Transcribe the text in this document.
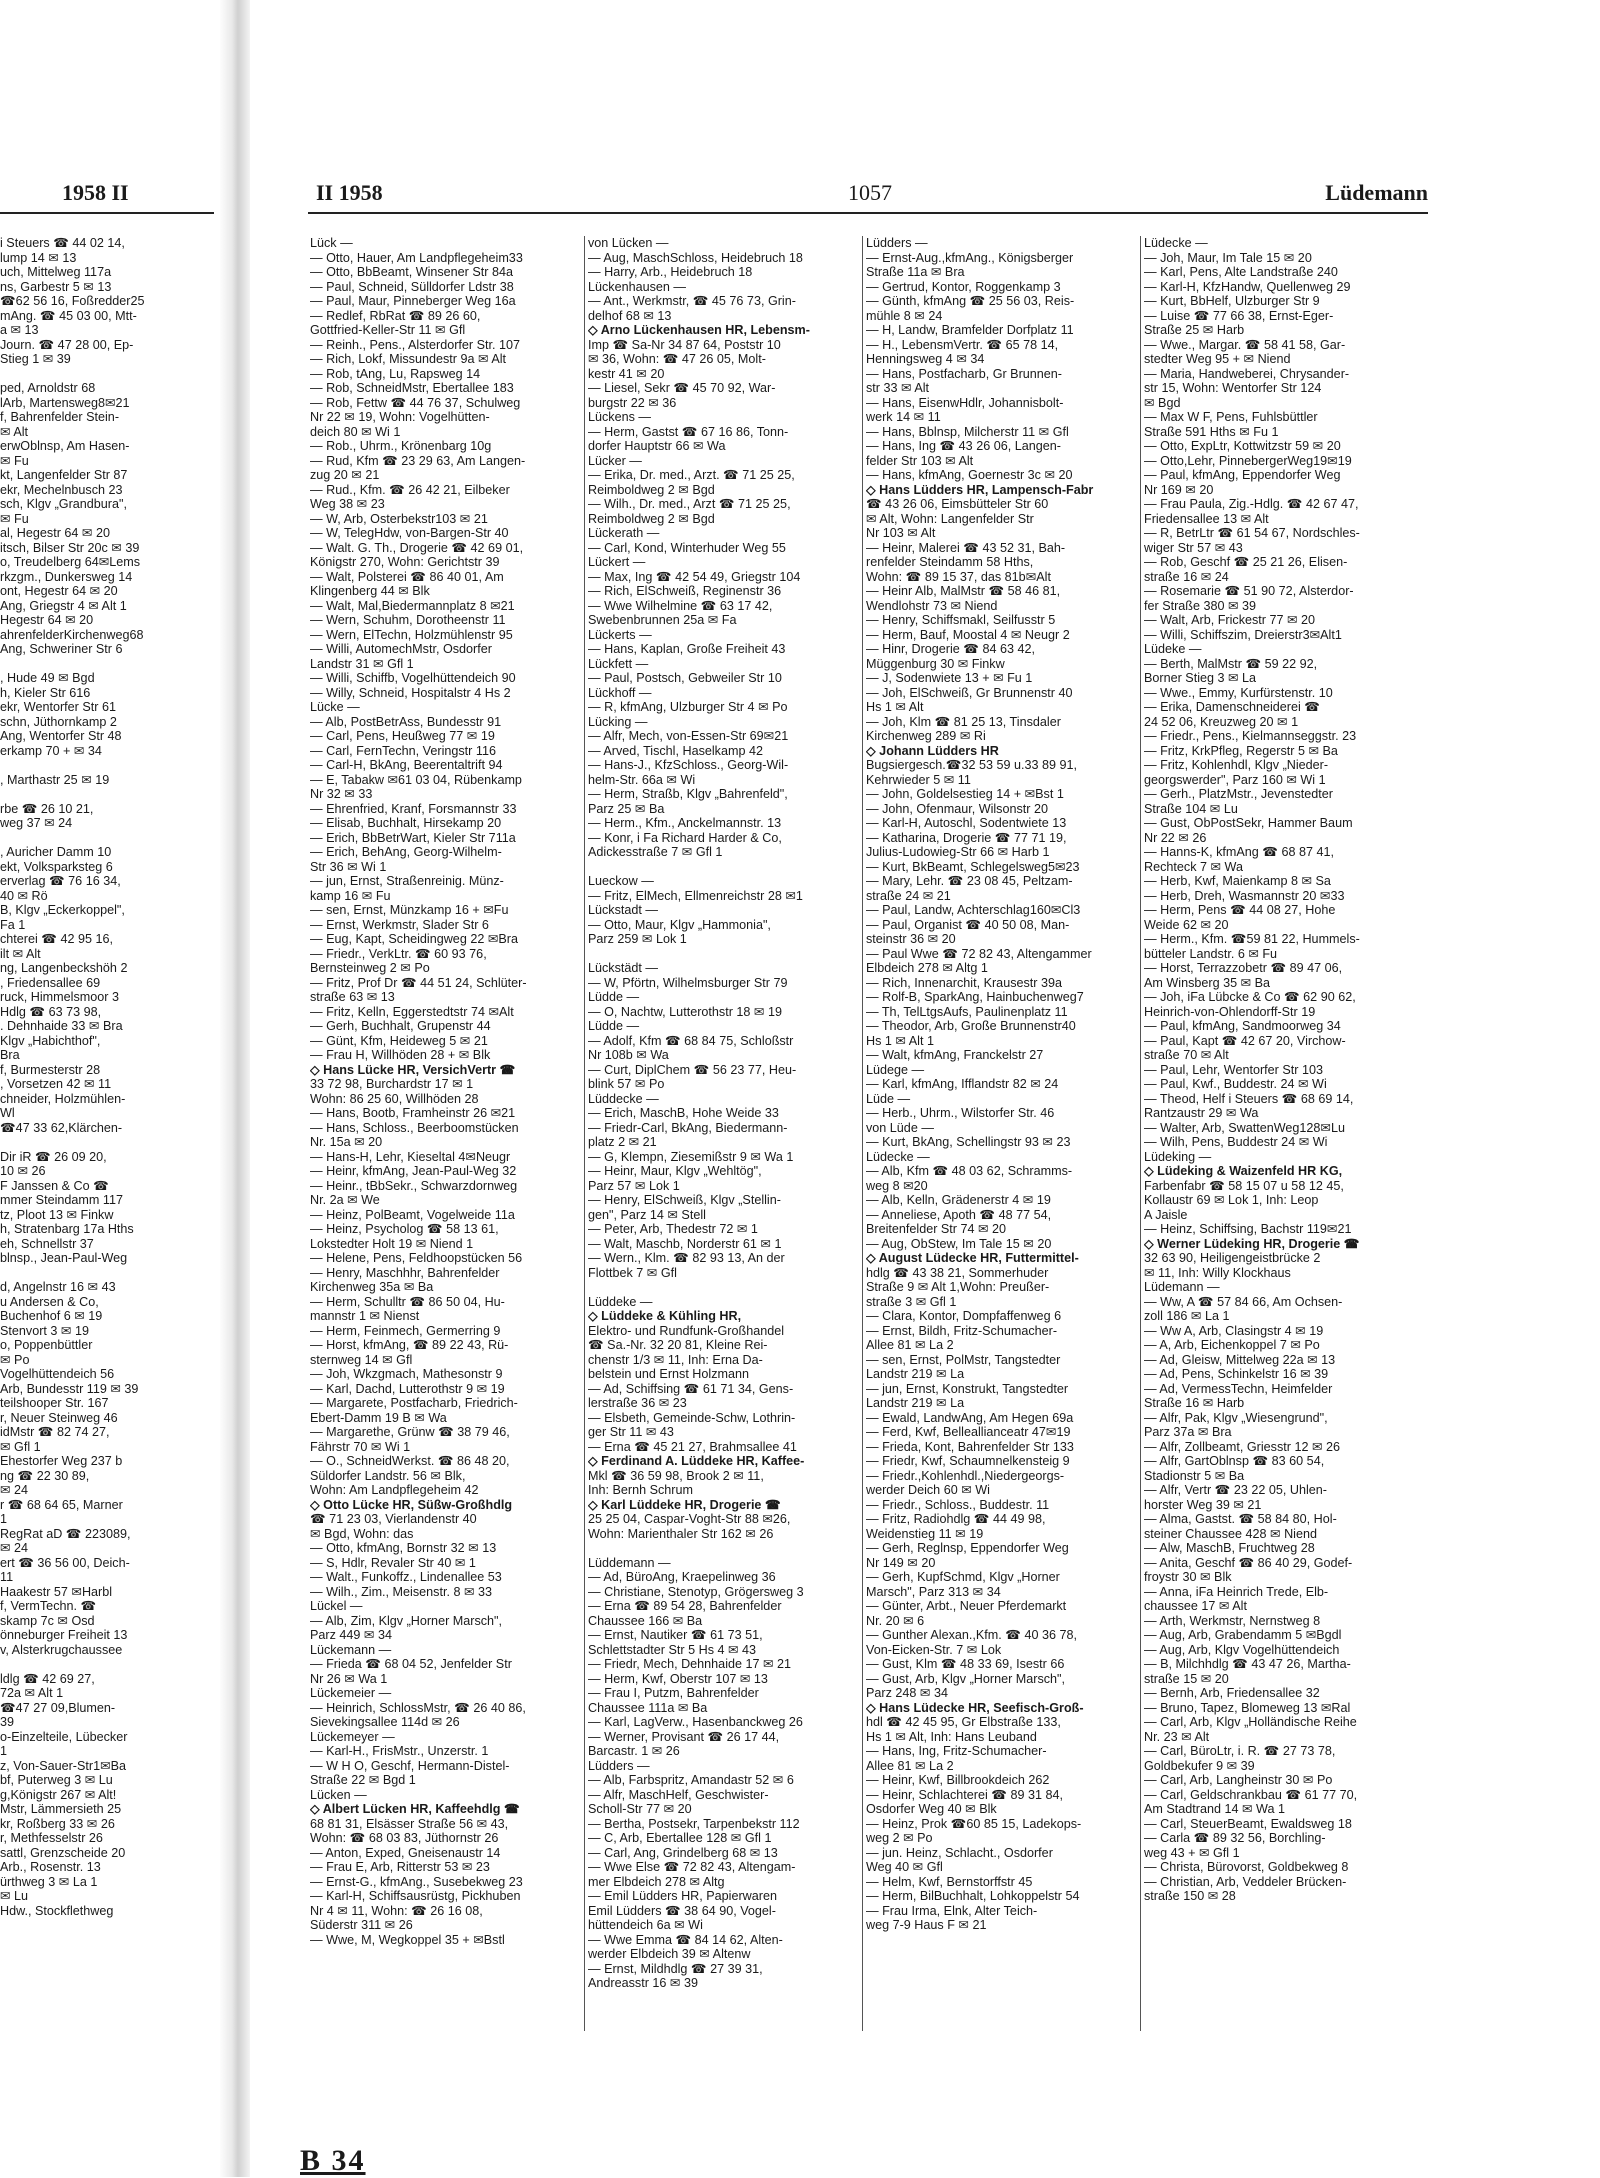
1958 II
i Steuers ☎ 44 02 14,
lump 14 ✉ 13
uch, Mittelweg 117a
ns, Garbestr 5 ✉ 13
☎62 56 16, Foßredder25
mAng. ☎ 45 03 00, Mtt-
a ✉ 13
Journ. ☎ 47 28 00, Ep-
Stieg 1 ✉ 39

ped, Arnoldstr 68
lArb, Martensweg8✉21
f, Bahrenfelder Stein-
✉ Alt
erwOblnsp, Am Hasen-
✉ Fu
kt, Langenfelder Str 87
ekr, Mechelnbusch 23
sch, Klgv „Grandbura",
✉ Fu
al, Hegestr 64 ✉ 20
itsch, Bilser Str 20c ✉ 39
o, Treudelberg 64✉Lems
rkzgm., Dunkersweg 14
ont, Hegestr 64 ✉ 20
Ang, Griegstr 4 ✉ Alt 1
Hegestr 64 ✉ 20
ahrenfelderKirchenweg68
Ang, Schweriner Str 6

, Hude 49 ✉ Bgd
h, Kieler Str 616
ekr, Wentorfer Str 61
schn, Jüthornkamp 2
Ang, Wentorfer Str 48
erkamp 70 + ✉ 34

, Marthastr 25 ✉ 19

rbe ☎ 26 10 21,
weg 37 ✉ 24

, Auricher Damm 10
ekt, Volksparksteg 6
erverlag ☎ 76 16 34,
40 ✉ Rö
B, Klgv „Eckerkoppel",
Fa 1
chterei ☎ 42 95 16,
ilt ✉ Alt
ng, Langenbeckshöh 2
, Friedensallee 69
ruck, Himmelsmoor 3
Hdlg ☎ 63 73 98,
. Dehnhaide 33 ✉ Bra
Klgv „Habichthof",
Bra
f, Burmesterstr 28
, Vorsetzen 42 ✉ 11
chneider, Holzmühlen-
Wl
☎47 33 62,Klärchen-

Dir iR ☎ 26 09 20,
10 ✉ 26
F Janssen & Co ☎
mmer Steindamm 117
tz, Ploot 13 ✉ Finkw
h, Stratenbarg 17a Hths
eh, Schnellstr 37
blnsp., Jean-Paul-Weg

d, Angelnstr 16 ✉ 43
u Andersen & Co,
Buchenhof 6 ✉ 19
Stenvort 3 ✉ 19
o, Poppenbüttler
✉ Po
Vogelhüttendeich 56
Arb, Bundesstr 119 ✉ 39
teilshooper Str. 167
r, Neuer Steinweg 46
idMstr ☎ 82 74 27,
✉ Gfl 1
Ehestorfer Weg 237 b
ng ☎ 22 30 89,
✉ 24
r ☎ 68 64 65, Marner
1
RegRat aD ☎ 223089,
✉ 24
ert ☎ 36 56 00, Deich-
11
Haakestr 57 ✉Harbl
f, VermTechn. ☎
skamp 7c ✉ Osd
önneburger Freiheit 13
v, Alsterkrugchaussee

ldlg ☎ 42 69 27,
72a ✉ Alt 1
☎47 27 09,Blumen-
39
o-Einzelteile, Lübecker
1
z, Von-Sauer-Str1✉Ba
bf, Puterweg 3 ✉ Lu
g,Königstr 267 ✉ Alt!
Mstr, Lämmersieth 25
kr, Roßberg 33 ✉ 26
r, Methfesselstr 26
sattl, Grenzscheide 20
Arb., Rosenstr. 13
ürthweg 3 ✉ La 1
✉ Lu
Hdw., Stockflethweg
II 1958	1057	Lüdemann
Lück —
— Otto, Hauer, Am Landpflegeheim33
— Otto, BbBeamt, Winsener Str 84a
— Paul, Schneid, Sülldorfer Ldstr 38
— Paul, Maur, Pinneberger Weg 16a
— Redlef, RbRat ☎ 89 26 60,
Gottfried-Keller-Str 11 ✉ Gfl
— Reinh., Pens., Alsterdorfer Str. 107
— Rich, Lokf, Missundestr 9a ✉ Alt
— Rob, tAng, Lu, Rapsweg 14
— Rob, SchneidMstr, Ebertallee 183
— Rob, Fettw ☎ 44 76 37, Schulweg
Nr 22 ✉ 19, Wohn: Vogelhütten-
deich 80 ✉ Wi 1
— Rob., Uhrm., Krönenbarg 10g
— Rud, Kfm ☎ 23 29 63, Am Langen-
zug 20 ✉ 21
— Rud., Kfm. ☎ 26 42 21, Eilbeker
Weg 38 ✉ 23
— W, Arb, Osterbekstr103 ✉ 21
— W, TelegHdw, von-Bargen-Str 40
— Walt. G. Th., Drogerie ☎ 42 69 01,
Königstr 270, Wohn: Gerichtstr 39
— Walt, Polsterei ☎ 86 40 01, Am
Klingenberg 44 ✉ Blk
— Walt, Mal,Biedermannplatz 8 ✉21
— Wern, Schuhm, Dorotheenstr 11
— Wern, ElTechn, Holzmühlenstr 95
— Willi, AutomechMstr, Osdorfer
Landstr 31 ✉ Gfl 1
— Willi, Schiffb, Vogelhüttendeich 90
— Willy, Schneid, Hospitalstr 4 Hs 2
Lücke —
— Alb, PostBetrAss, Bundesstr 91
— Carl, Pens, Heußweg 77 ✉ 19
— Carl, FernTechn, Veringstr 116
— Carl-H, BkAng, Beerentaltrift 94
— E, Tabakw ✉61 03 04, Rübenkamp
Nr 32 ✉ 33
— Ehrenfried, Kranf, Forsmannstr 33
— Elisab, Buchhalt, Hirsekamp 20
— Erich, BbBetrWart, Kieler Str 711a
— Erich, BehAng, Georg-Wilhelm-
Str 36 ✉ Wi 1
— jun, Ernst, Straßenreinig. Münz-
kamp 16 ✉ Fu
— sen, Ernst, Münzkamp 16 + ✉Fu
— Ernst, Werkmstr, Slader Str 6
— Eug, Kapt, Scheidingweg 22 ✉Bra
— Friedr., VerkLtr. ☎ 60 93 76,
Bernsteinweg 2 ✉ Po
— Fritz, Prof Dr ☎ 44 51 24, Schlüter-
straße 63 ✉ 13
— Fritz, Kelln, Eggerstedtstr 74 ✉Alt
— Gerh, Buchhalt, Grupenstr 44
— Günt, Kfm, Heideweg 5 ✉ 21
— Frau H, Willhöden 28 + ✉ Blk
◇ Hans Lücke HR, VersichVertr ☎
33 72 98, Burchardstr 17 ✉ 1
Wohn: 86 25 60, Willhöden 28
— Hans, Bootb, Framheinstr 26 ✉21
— Hans, Schloss., Beerboomstücken
Nr. 15a ✉ 20
— Hans-H, Lehr, Kieseltal 4✉Neugr
— Heinr, kfmAng, Jean-Paul-Weg 32
— Heinr., tBbSekr., Schwarzdornweg
Nr. 2a ✉ We
— Heinz, PolBeamt, Vogelweide 11a
— Heinz, Psycholog ☎ 58 13 61,
Lokstedter Holt 19 ✉ Niend 1
— Helene, Pens, Feldhoopstücken 56
— Henry, Maschhhr, Bahrenfelder
Kirchenweg 35a ✉ Ba
— Herm, Schulltr ☎ 86 50 04, Hu-
mannstr 1 ✉ Nienst
— Herm, Feinmech, Germerring 9
— Horst, kfmAng, ☎ 89 22 43, Rü-
sternweg 14 ✉ Gfl
— Joh, Wkzgmach, Mathesonstr 9
— Karl, Dachd, Lutterothstr 9 ✉ 19
— Margarete, Postfacharb, Friedrich-
Ebert-Damm 19 B ✉ Wa
— Margarethe, Grünw ☎ 38 79 46,
Fährstr 70 ✉ Wi 1
— O., SchneidWerkst. ☎ 86 48 20,
Süldorfer Landstr. 56 ✉ Blk,
Wohn: Am Landpflegeheim 42
◇ Otto Lücke HR, Süßw-Großhdlg
☎ 71 23 03, Vierlandenstr 40
✉ Bgd, Wohn: das
— Otto, kfmAng, Bornstr 32 ✉ 13
— S, Hdlr, Revaler Str 40 ✉ 1
— Walt., Funkoffz., Lindenallee 53
— Wilh., Zim., Meisenstr. 8 ✉ 33
Lückel —
— Alb, Zim, Klgv „Horner Marsch",
Parz 449 ✉ 34
Lückemann —
— Frieda ☎ 68 04 52, Jenfelder Str
Nr 26 ✉ Wa 1
Lückemeier —
— Heinrich, SchlossMstr, ☎ 26 40 86,
Sievekingsallee 114d ✉ 26
Lückemeyer —
— Karl-H., FrisMstr., Unzerstr. 1
— W H O, Geschf, Hermann-Distel-
Straße 22 ✉ Bgd 1
Lücken —
◇ Albert Lücken HR, Kaffeehdlg ☎
68 81 31, Elsässer Straße 56 ✉ 43,
Wohn: ☎ 68 03 83, Jüthornstr 26
— Anton, Exped, Gneisenaustr 14
— Frau E, Arb, Ritterstr 53 ✉ 23
— Ernst-G., kfmAng., Susebekweg 23
— Karl-H, Schiffsausrüstg, Pickhuben
Nr 4 ✉ 11, Wohn: ☎ 26 16 08,
Süderstr 311 ✉ 26
— Wwe, M, Wegkoppel 35 + ✉Bstl
von Lücken —
— Aug, MaschSchloss, Heidebruch 18
— Harry, Arb., Heidebruch 18
Lückenhausen —
— Ant., Werkmstr, ☎ 45 76 73, Grin-
delhof 68 ✉ 13
◇ Arno Lückenhausen HR, Lebensm-
Imp ☎ Sa-Nr 34 87 64, Poststr 10
✉ 36, Wohn: ☎ 47 26 05, Molt-
kestr 41 ✉ 20
— Liesel, Sekr ☎ 45 70 92, War-
burgstr 22 ✉ 36
Lückens —
— Herm, Gastst ☎ 67 16 86, Tonn-
dorfer Hauptstr 66 ✉ Wa
Lücker —
— Erika, Dr. med., Arzt. ☎ 71 25 25,
Reimboldweg 2 ✉ Bgd
— Wilh., Dr. med., Arzt ☎ 71 25 25,
Reimboldweg 2 ✉ Bgd
Lückerath —
— Carl, Kond, Winterhuder Weg 55
Lückert —
— Max, Ing ☎ 42 54 49, Griegstr 104
— Rich, ElSchweiß, Reginenstr 36
— Wwe Wilhelmine ☎ 63 17 42,
Swebenbrunnen 25a ✉ Fa
Lückerts —
— Hans, Kaplan, Große Freiheit 43
Lückfett —
— Paul, Postsch, Gebweiler Str 10
Lückhoff —
— R, kfmAng, Ulzburger Str 4 ✉ Po
Lücking —
— Alfr, Mech, von-Essen-Str 69✉21
— Arved, Tischl, Haselkamp 42
— Hans-J., KfzSchloss., Georg-Wil-
helm-Str. 66a ✉ Wi
— Herm, Straßb, Klgv „Bahrenfeld",
Parz 25 ✉ Ba
— Herm., Kfm., Anckelmannstr. 13
— Konr, i Fa Richard Harder & Co,
Adickesstraße 7 ✉ Gfl 1

Lueckow —
— Fritz, ElMech, Ellmenreichstr 28 ✉1
Lückstadt —
— Otto, Maur, Klgv „Hammonia",
Parz 259 ✉ Lok 1

Lückstädt —
— W, Pförtn, Wilhelmsburger Str 79
Lüdde —
— O, Nachtw, Lutterothstr 18 ✉ 19
Lüdde —
— Adolf, Kfm ☎ 68 84 75, Schloßstr
Nr 108b ✉ Wa
— Curt, DiplChem ☎ 56 23 77, Heu-
blink 57 ✉ Po
Lüddecke —
— Erich, MaschB, Hohe Weide 33
— Friedr-Carl, BkAng, Biedermann-
platz 2 ✉ 21
— G, Klempn, Ziesemißstr 9 ✉ Wa 1
— Heinr, Maur, Klgv „Wehltög",
Parz 57 ✉ Lok 1
— Henry, ElSchweiß, Klgv „Stellin-
gen", Parz 14 ✉ Stell
— Peter, Arb, Thedestr 72 ✉ 1
— Walt, Maschb, Norderstr 61 ✉ 1
— Wern., Klm. ☎ 82 93 13, An der
Flottbek 7 ✉ Gfl

Lüddeke —
◇ Lüddeke & Kühling HR,
Elektro- und Rundfunk-Großhandel
☎ Sa.-Nr. 32 20 81, Kleine Rei-
chenstr 1/3 ✉ 11, Inh: Erna Da-
belstein und Ernst Holzmann
— Ad, Schiffsing ☎ 61 71 34, Gens-
lerstraße 36 ✉ 23
— Elsbeth, Gemeinde-Schw, Lothrin-
ger Str 11 ✉ 43
— Erna ☎ 45 21 27, Brahmsallee 41
◇ Ferdinand A. Lüddeke HR, Kaffee-
Mkl ☎ 36 59 98, Brook 2 ✉ 11,
Inh: Bernh Schrum
◇ Karl Lüddeke HR, Drogerie ☎
25 25 04, Caspar-Voght-Str 88 ✉26,
Wohn: Marienthaler Str 162 ✉ 26

Lüddemann —
— Ad, BüroAng, Kraepelinweg 36
— Christiane, Stenotyp, Grögersweg 3
— Erna ☎ 89 54 28, Bahrenfelder
Chaussee 166 ✉ Ba
— Ernst, Nautiker ☎ 61 73 51,
Schlettstadter Str 5 Hs 4 ✉ 43
— Friedr, Mech, Dehnhaide 17 ✉ 21
— Herm, Kwf, Oberstr 107 ✉ 13
— Frau I, Putzm, Bahrenfelder
Chaussee 111a ✉ Ba
— Karl, LagVerw., Hasenbanckweg 26
— Werner, Provisant ☎ 26 17 44,
Barcastr. 1 ✉ 26
Lüdders —
— Alb, Farbspritz, Amandastr 52 ✉ 6
— Alfr, MaschHelf, Geschwister-
Scholl-Str 77 ✉ 20
— Bertha, Postsekr, Tarpenbekstr 112
— C, Arb, Ebertallee 128 ✉ Gfl 1
— Carl, Ang, Grindelberg 68 ✉ 13
— Wwe Else ☎ 72 82 43, Altengam-
mer Elbdeich 278 ✉ Altg
— Emil Lüdders HR, Papierwaren
Emil Lüdders ☎ 38 64 90, Vogel-
hüttendeich 6a ✉ Wi
— Wwe Emma ☎ 84 14 62, Alten-
werder Elbdeich 39 ✉ Altenw
— Ernst, Mildhdlg ☎ 27 39 31,
Andreasstr 16 ✉ 39
Lüdders —
— Ernst-Aug.,kfmAng., Königsberger
Straße 11a ✉ Bra
— Gertrud, Kontor, Roggenkamp 3
— Günth, kfmAng ☎ 25 56 03, Reis-
mühle 8 ✉ 24
— H, Landw, Bramfelder Dorfplatz 11
— H., LebensmVertr. ☎ 65 78 14,
Henningsweg 4 ✉ 34
— Hans, Postfacharb, Gr Brunnen-
str 33 ✉ Alt
— Hans, EisenwHdlr, Johannisbolt-
werk 14 ✉ 11
— Hans, Bblnsp, Milcherstr 11 ✉ Gfl
— Hans, Ing ☎ 43 26 06, Langen-
felder Str 103 ✉ Alt
— Hans, kfmAng, Goernestr 3c ✉ 20
◇ Hans Lüdders HR, Lampensch-Fabr
☎ 43 26 06, Eimsbütteler Str 60
✉ Alt, Wohn: Langenfelder Str
Nr 103 ✉ Alt
— Heinr, Malerei ☎ 43 52 31, Bah-
renfelder Steindamm 58 Hths,
Wohn: ☎ 89 15 37, das 81b✉Alt
— Heinr Alb, MalMstr ☎ 58 46 81,
Wendlohstr 73 ✉ Niend
— Henry, Schiffsmakl, Seilfusstr 5
— Herm, Bauf, Moostal 4 ✉ Neugr 2
— Hinr, Drogerie ☎ 84 63 42,
Müggenburg 30 ✉ Finkw
— J, Sodenwiete 13 + ✉ Fu 1
— Joh, ElSchweiß, Gr Brunnenstr 40
Hs 1 ✉ Alt
— Joh, Klm ☎ 81 25 13, Tinsdaler
Kirchenweg 289 ✉ Ri
◇ Johann Lüdders HR
Bugsiergesch.☎32 53 59 u.33 89 91,
Kehrwieder 5 ✉ 11
— John, Goldelsestieg 14 + ✉Bst 1
— John, Ofenmaur, Wilsonstr 20
— Karl-H, Autoschl, Sodentwiete 13
— Katharina, Drogerie ☎ 77 71 19,
Julius-Ludowieg-Str 66 ✉ Harb 1
— Kurt, BkBeamt, Schlegelsweg5✉23
— Mary, Lehr. ☎ 23 08 45, Peltzam-
straße 24 ✉ 21
— Paul, Landw, Achterschlag160✉Cl3
— Paul, Organist ☎ 40 50 08, Man-
steinstr 36 ✉ 20
— Paul Wwe ☎ 72 82 43, Altengammer
Elbdeich 278 ✉ Altg 1
— Rich, Innenarchit, Krausestr 39a
— Rolf-B, SparkAng, Hainbuchenweg7
— Th, TelLtgsAufs, Paulinenplatz 11
— Theodor, Arb, Große Brunnenstr40
Hs 1 ✉ Alt 1
— Walt, kfmAng, Franckelstr 27
Lüdege —
— Karl, kfmAng, Ifflandstr 82 ✉ 24
Lüde —
— Herb., Uhrm., Wilstorfer Str. 46
von Lüde —
— Kurt, BkAng, Schellingstr 93 ✉ 23
Lüdecke —
— Alb, Kfm ☎ 48 03 62, Schramms-
weg 8 ✉20
— Alb, Kelln, Grädenerstr 4 ✉ 19
— Anneliese, Apoth ☎ 48 77 54,
Breitenfelder Str 74 ✉ 20
— Aug, ObStew, Im Tale 15 ✉ 20
◇ August Lüdecke HR, Futtermittel-
hdlg ☎ 43 38 21, Sommerhuder
Straße 9 ✉ Alt 1,Wohn: Preußer-
straße 3 ✉ Gfl 1
— Clara, Kontor, Dompfaffenweg 6
— Ernst, Bildh, Fritz-Schumacher-
Allee 81 ✉ La 2
— sen, Ernst, PolMstr, Tangstedter
Landstr 219 ✉ La
— jun, Ernst, Konstrukt, Tangstedter
Landstr 219 ✉ La
— Ewald, LandwAng, Am Hegen 69a
— Ferd, Kwf, Belleallianceatr 47✉19
— Frieda, Kont, Bahrenfelder Str 133
— Friedr, Kwf, Schaumnelkensteig 9
— Friedr.,Kohlenhdl.,Niedergeorgs-
werder Deich 60 ✉ Wi
— Friedr., Schloss., Buddestr. 11
— Fritz, Radiohdlg ☎ 44 49 98,
Weidenstieg 11 ✉ 19
— Gerh, Reglnsp, Eppendorfer Weg
Nr 149 ✉ 20
— Gerh, KupfSchmd, Klgv „Horner
Marsch", Parz 313 ✉ 34
— Günter, Arbt., Neuer Pferdemarkt
Nr. 20 ✉ 6
— Gunther Alexan.,Kfm. ☎ 40 36 78,
Von-Eicken-Str. 7 ✉ Lok
— Gust, Klm ☎ 48 33 69, Isestr 66
— Gust, Arb, Klgv „Horner Marsch",
Parz 248 ✉ 34
◇ Hans Lüdecke HR, Seefisch-Groß-
hdl ☎ 42 45 95, Gr Elbstraße 133,
Hs 1 ✉ Alt, Inh: Hans Leuband
— Hans, Ing, Fritz-Schumacher-
Allee 81 ✉ La 2
— Heinr, Kwf, Billbrookdeich 262
— Heinr, Schlachterei ☎ 89 31 84,
Osdorfer Weg 40 ✉ Blk
— Heinz, Prok ☎60 85 15, Ladekops-
weg 2 ✉ Po
— jun. Heinz, Schlacht., Osdorfer
Weg 40 ✉ Gfl
— Helm, Kwf, Bernstorffstr 45
— Herm, BilBuchhalt, Lohkoppelstr 54
— Frau Irma, Elnk, Alter Teich-
weg 7-9 Haus F ✉ 21
Lüdecke —
— Joh, Maur, Im Tale 15 ✉ 20
— Karl, Pens, Alte Landstraße 240
— Karl-H, KfzHandw, Quellenweg 29
— Kurt, BbHelf, Ulzburger Str 9
— Luise ☎ 77 66 38, Ernst-Eger-
Straße 25 ✉ Harb
— Wwe., Margar. ☎ 58 41 58, Gar-
stedter Weg 95 + ✉ Niend
— Maria, Handweberei, Chrysander-
str 15, Wohn: Wentorfer Str 124
✉ Bgd
— Max W F, Pens, Fuhlsbüttler
Straße 591 Hths ✉ Fu 1
— Otto, ExpLtr, Kottwitzstr 59 ✉ 20
— Otto,Lehr, PinnebergerWeg19✉19
— Paul, kfmAng, Eppendorfer Weg
Nr 169 ✉ 20
— Frau Paula, Zig.-Hdlg. ☎ 42 67 47,
Friedensallee 13 ✉ Alt
— R, BetrLtr ☎ 61 54 67, Nordschles-
wiger Str 57 ✉ 43
— Rob, Geschf ☎ 25 21 26, Elisen-
straße 16 ✉ 24
— Rosemarie ☎ 51 90 72, Alsterdor-
fer Straße 380 ✉ 39
— Walt, Arb, Frickestr 77 ✉ 20
— Willi, Schiffszim, Dreierstr3✉Alt1
Lüdeke —
— Berth, MalMstr ☎ 59 22 92,
Borner Stieg 3 ✉ La
— Wwe., Emmy, Kurfürstenstr. 10
— Erika, Damenschneiderei ☎
24 52 06, Kreuzweg 20 ✉ 1
— Friedr., Pens., Kielmannseggstr. 23
— Fritz, KrkPfleg, Regerstr 5 ✉ Ba
— Fritz, Kohlenhdl, Klgv „Nieder-
georgswerder", Parz 160 ✉ Wi 1
— Gerh., PlatzMstr., Jevenstedter
Straße 104 ✉ Lu
— Gust, ObPostSekr, Hammer Baum
Nr 22 ✉ 26
— Hanns-K, kfmAng ☎ 68 87 41,
Rechteck 7 ✉ Wa
— Herb, Kwf, Maienkamp 8 ✉ Sa
— Herb, Dreh, Wasmannstr 20 ✉33
— Herm, Pens ☎ 44 08 27, Hohe
Weide 62 ✉ 20
— Herm., Kfm. ☎59 81 22, Hummels-
bütteler Landstr. 6 ✉ Fu
— Horst, Terrazzobetr ☎ 89 47 06,
Am Winsberg 35 ✉ Ba
— Joh, iFa Lübcke & Co ☎ 62 90 62,
Heinrich-von-Ohlendorff-Str 19
— Paul, kfmAng, Sandmoorweg 34
— Paul, Kapt ☎ 42 67 20, Virchow-
straße 70 ✉ Alt
— Paul, Lehr, Wentorfer Str 103
— Paul, Kwf., Buddestr. 24 ✉ Wi
— Theod, Helf i Steuers ☎ 68 69 14,
Rantzaustr 29 ✉ Wa
— Walter, Arb, SwattenWeg128✉Lu
— Wilh, Pens, Buddestr 24 ✉ Wi
Lüdeking —
◇ Lüdeking & Waizenfeld HR KG,
Farbenfabr ☎ 58 15 07 u 58 12 45,
Kollaustr 69 ✉ Lok 1, Inh: Leop
A Jaisle
— Heinz, Schiffsing, Bachstr 119✉21
◇ Werner Lüdeking HR, Drogerie ☎
32 63 90, Heiligengeistbrücke 2
✉ 11, Inh: Willy Klockhaus
Lüdemann —
— Ww, A ☎ 57 84 66, Am Ochsen-
zoll 186 ✉ La 1
— Ww A, Arb, Clasingstr 4 ✉ 19
— A, Arb, Eichenkoppel 7 ✉ Po
— Ad, Gleisw, Mittelweg 22a ✉ 13
— Ad, Pens, Schinkelstr 16 ✉ 39
— Ad, VermessTechn, Heimfelder
Straße 16 ✉ Harb
— Alfr, Pak, Klgv „Wiesengrund",
Parz 37a ✉ Bra
— Alfr, Zollbeamt, Griesstr 12 ✉ 26
— Alfr, GartOblnsp ☎ 83 60 54,
Stadionstr 5 ✉ Ba
— Alfr, Vertr ☎ 23 22 05, Uhlen-
horster Weg 39 ✉ 21
— Alma, Gastst. ☎ 58 84 80, Hol-
steiner Chaussee 428 ✉ Niend
— Alw, MaschB, Fruchtweg 28
— Anita, Geschf ☎ 86 40 29, Godef-
froystr 30 ✉ Blk
— Anna, iFa Heinrich Trede, Elb-
chaussee 17 ✉ Alt
— Arth, Werkmstr, Nernstweg 8
— Aug, Arb, Grabendamm 5 ✉Bgdl
— Aug, Arb, Klgv Vogelhüttendeich
— B, Milchhdlg ☎ 43 47 26, Martha-
straße 15 ✉ 20
— Bernh, Arb, Friedensallee 32
— Bruno, Tapez, Blomeweg 13 ✉Ral
— Carl, Arb, Klgv „Holländische Reihe
Nr. 23 ✉ Alt
— Carl, BüroLtr, i. R. ☎ 27 73 78,
Goldbekufer 9 ✉ 39
— Carl, Arb, Langheinstr 30 ✉ Po
— Carl, Geldschrankbau ☎ 61 77 70,
Am Stadtrand 14 ✉ Wa 1
— Carl, SteuerBeamt, Ewaldsweg 18
— Carla ☎ 89 32 56, Borchling-
weg 43 + ✉ Gfl 1
— Christa, Bürovorst, Goldbekweg 8
— Christian, Arb, Veddeler Brücken-
straße 150 ✉ 28
B 34
